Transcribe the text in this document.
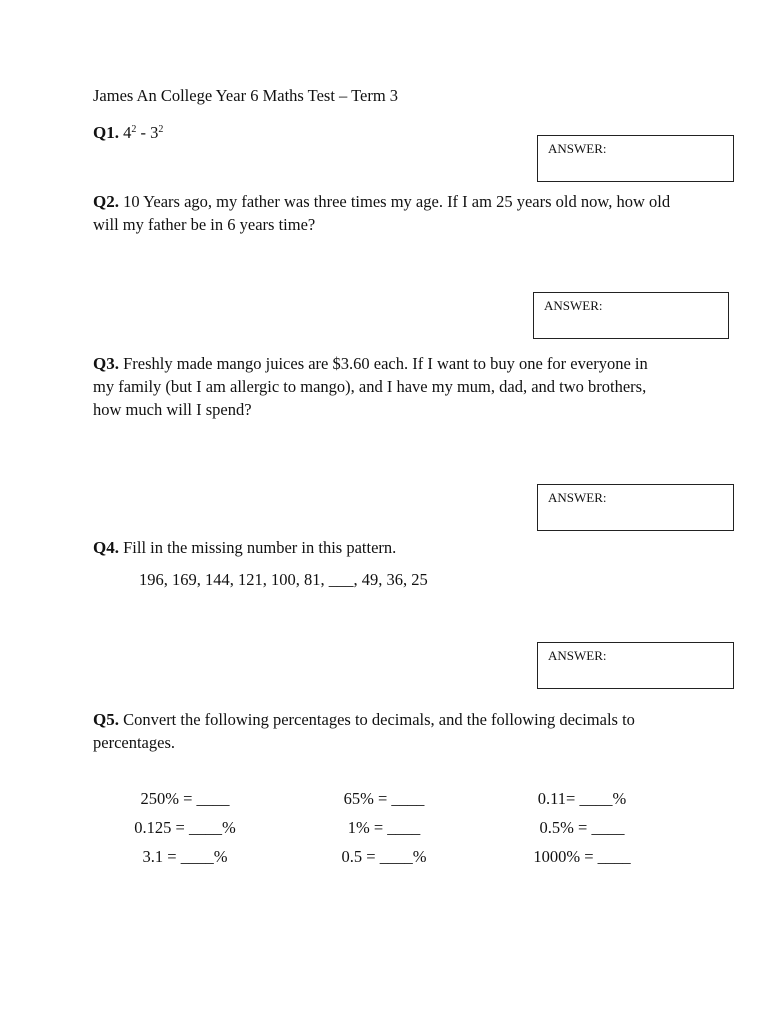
James An College Year 6 Maths Test – Term 3
Q1. $4^2 - 3^2$
ANSWER:
Q2. 10 Years ago, my father was three times my age. If I am 25 years old now, how old will my father be in 6 years time?
ANSWER:
Q3. Freshly made mango juices are $3.60 each. If I want to buy one for everyone in my family (but I am allergic to mango), and I have my mum, dad, and two brothers, how much will I spend?
ANSWER:
Q4. Fill in the missing number in this pattern.
196, 169, 144, 121, 100, 81, ___, 49, 36, 25
ANSWER:
Q5. Convert the following percentages to decimals, and the following decimals to percentages.
250% = ____	65% = ____	0.11= ____%
0.125 = ____%	1% = ____	0.5% = ____
3.1 = ____%	0.5 = ____%	1000% = ____
